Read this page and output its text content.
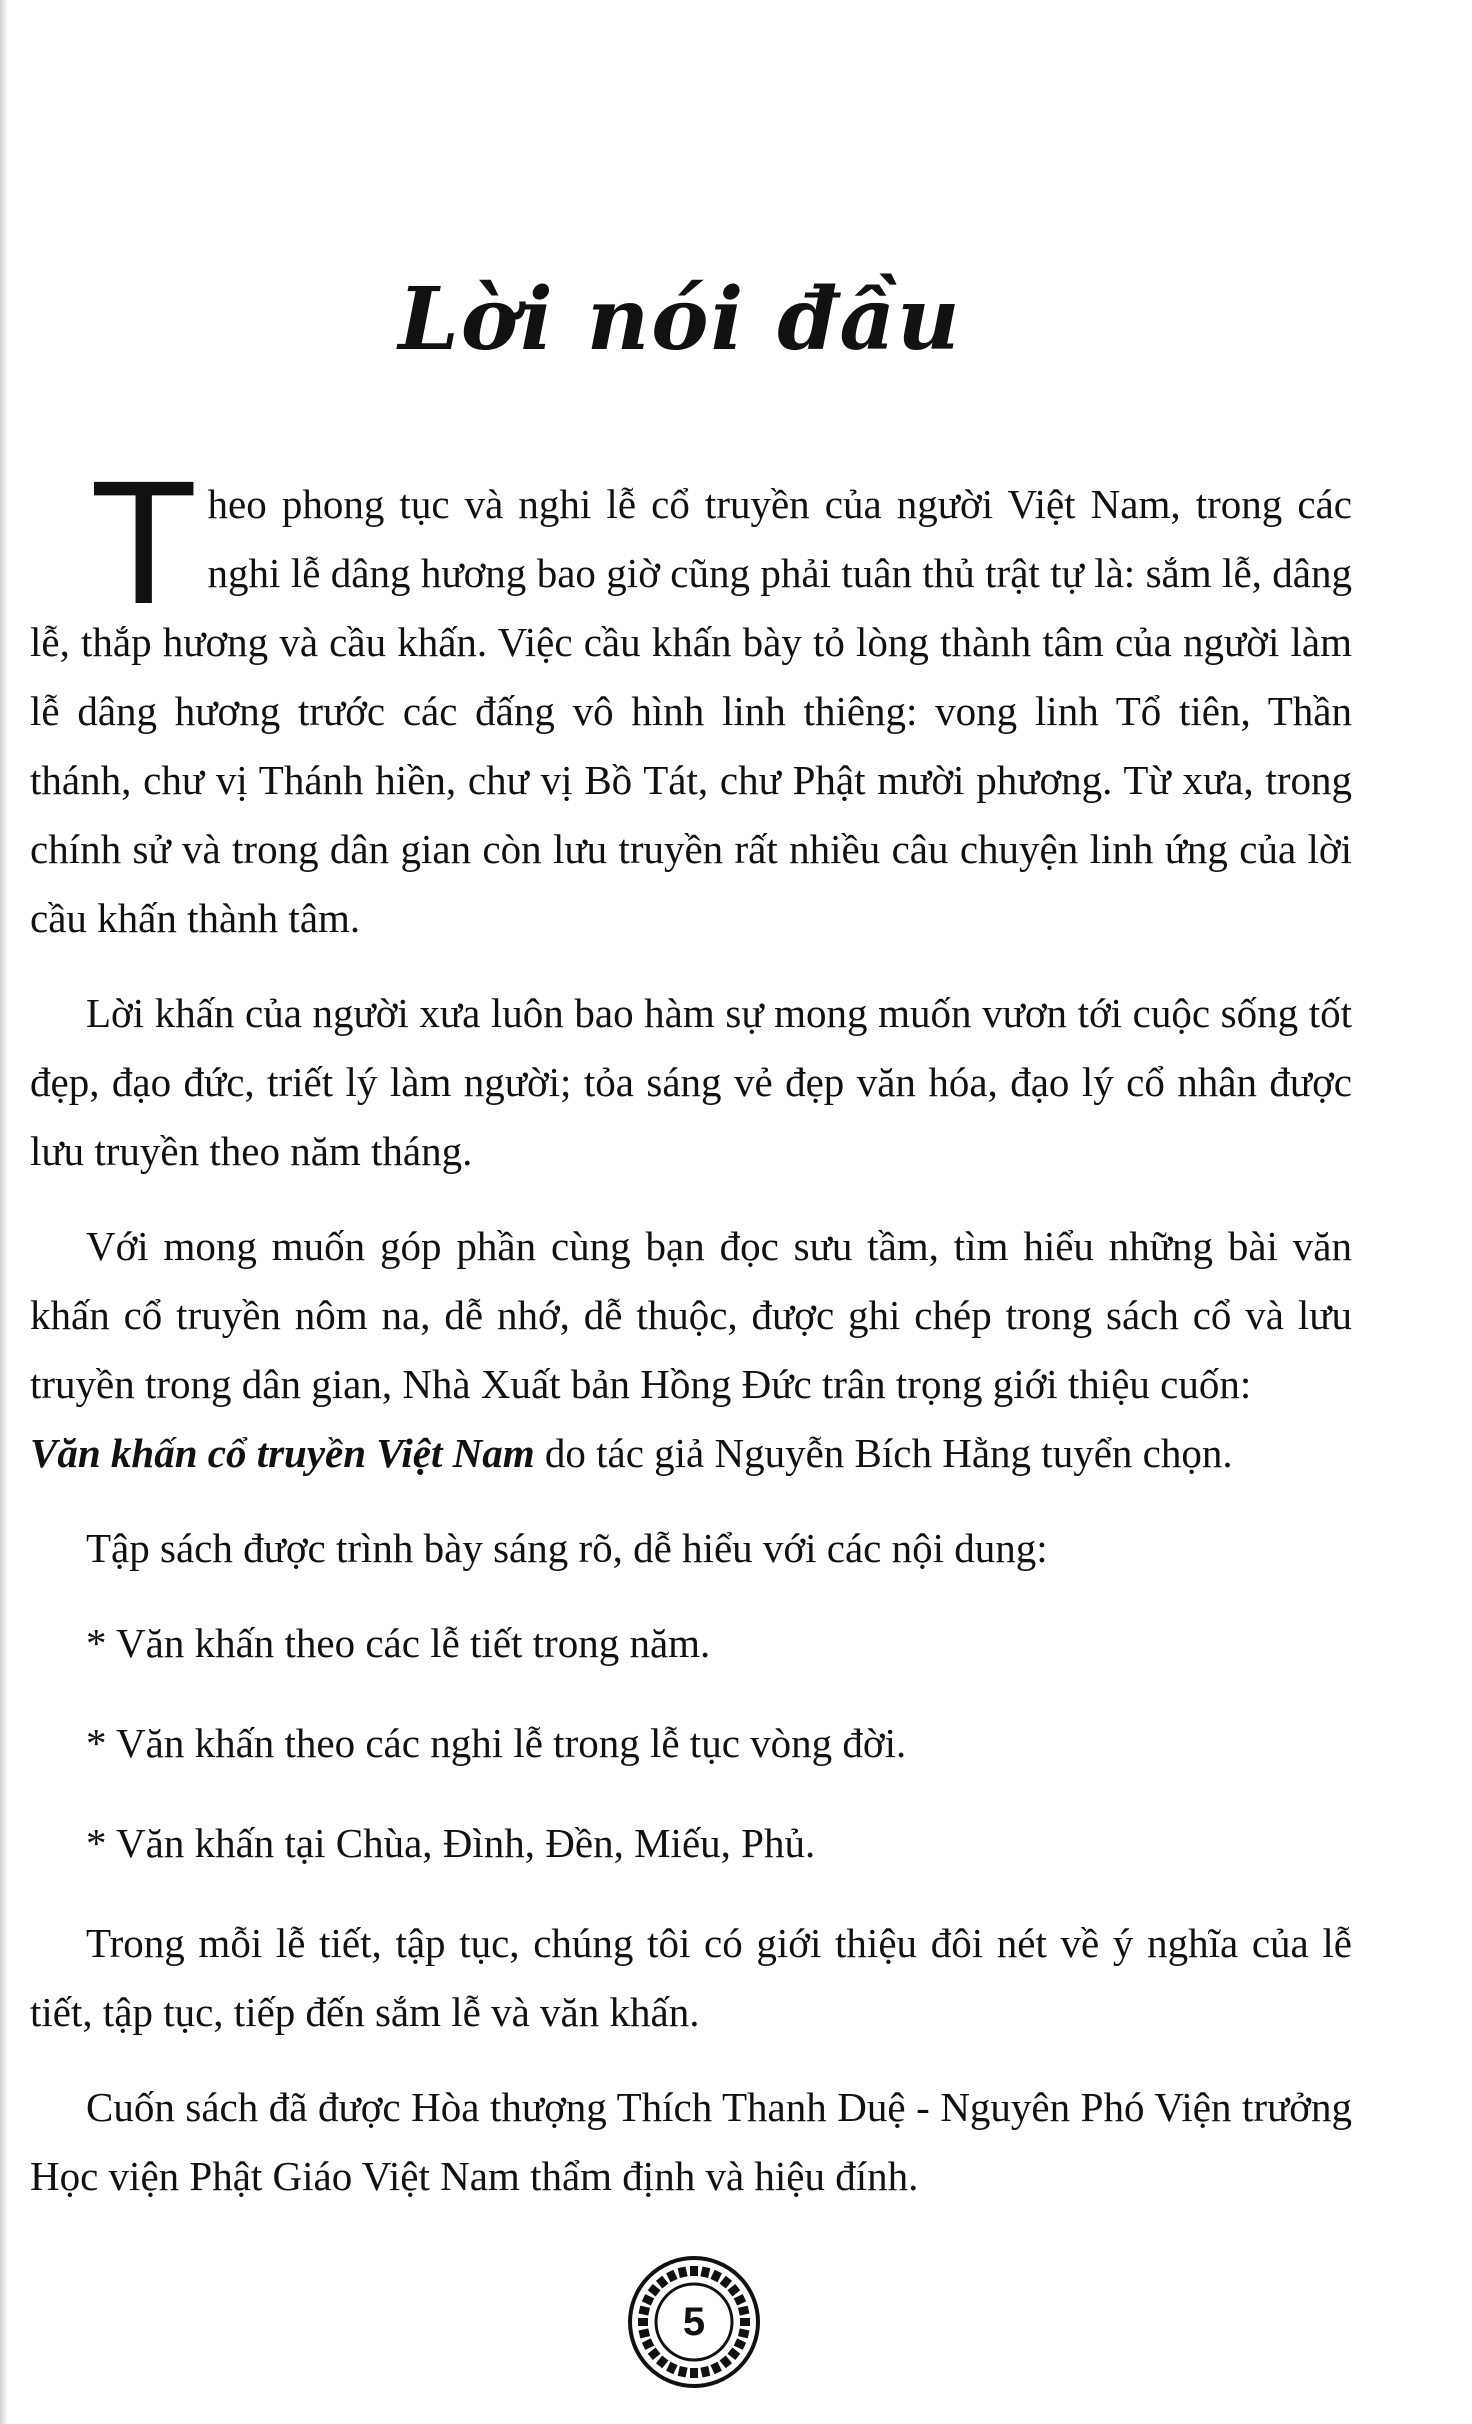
Lời nói đầu

Theo phong tục và nghi lễ cổ truyền của người Việt Nam, trong các nghi lễ dâng hương bao giờ cũng phải tuân thủ trật tự là: sắm lễ, dâng lễ, thắp hương và cầu khấn. Việc cầu khấn bày tỏ lòng thành tâm của người làm lễ dâng hương trước các đấng vô hình linh thiêng: vong linh Tổ tiên, Thần thánh, chư vị Thánh hiền, chư vị Bồ Tát, chư Phật mười phương. Từ xưa, trong chính sử và trong dân gian còn lưu truyền rất nhiều câu chuyện linh ứng của lời cầu khấn thành tâm.

Lời khấn của người xưa luôn bao hàm sự mong muốn vươn tới cuộc sống tốt đẹp, đạo đức, triết lý làm người; tỏa sáng vẻ đẹp văn hóa, đạo lý cổ nhân được lưu truyền theo năm tháng.

Với mong muốn góp phần cùng bạn đọc sưu tầm, tìm hiểu những bài văn khấn cổ truyền nôm na, dễ nhớ, dễ thuộc, được ghi chép trong sách cổ và lưu truyền trong dân gian, Nhà Xuất bản Hồng Đức trân trọng giới thiệu cuốn:
Văn khấn cổ truyền Việt Nam do tác giả Nguyễn Bích Hằng tuyển chọn.

Tập sách được trình bày sáng rõ, dễ hiểu với các nội dung:

* Văn khấn theo các lễ tiết trong năm.

* Văn khấn theo các nghi lễ trong lễ tục vòng đời.

* Văn khấn tại Chùa, Đình, Đền, Miếu, Phủ.

Trong mỗi lễ tiết, tập tục, chúng tôi có giới thiệu đôi nét về ý nghĩa của lễ tiết, tập tục, tiếp đến sắm lễ và văn khấn.

Cuốn sách đã được Hòa thượng Thích Thanh Duệ - Nguyên Phó Viện trưởng Học viện Phật Giáo Việt Nam thẩm định và hiệu đính.

5
